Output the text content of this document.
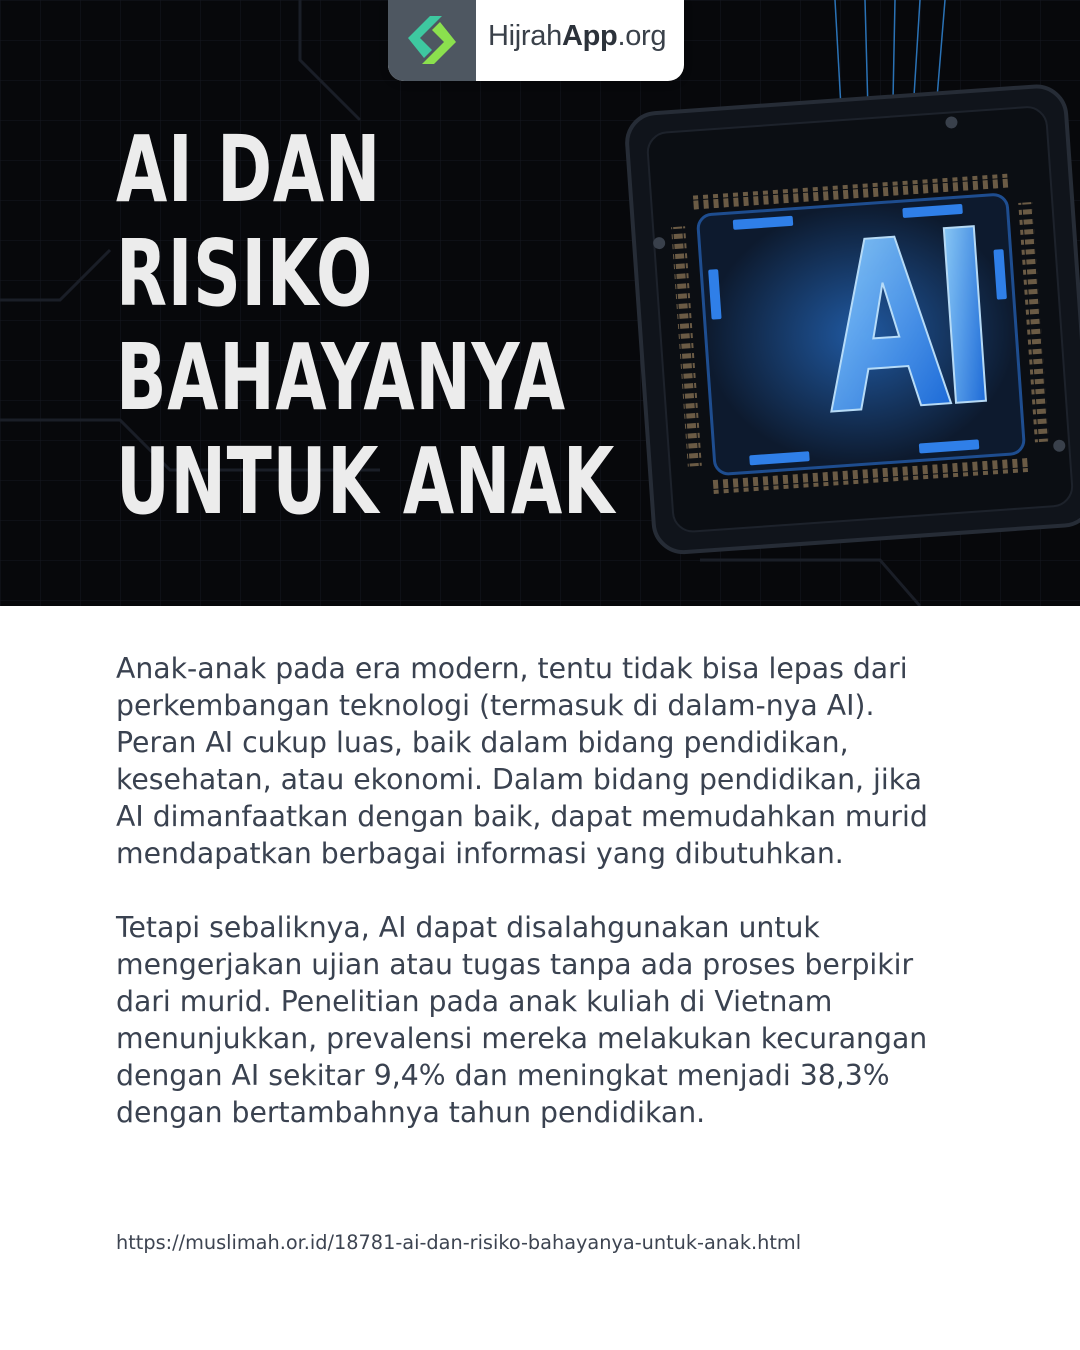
HijrahApp.org
AI DAN
RISIKO
BAHAYANYA
UNTUK ANAK

Anak-anak pada era modern, tentu tidak bisa lepas dari perkembangan teknologi (termasuk di dalam-nya AI). Peran AI cukup luas, baik dalam bidang pendidikan, kesehatan, atau ekonomi. Dalam bidang pendidikan, jika AI dimanfaatkan dengan baik, dapat memudahkan murid mendapatkan berbagai informasi yang dibutuhkan.

Tetapi sebaliknya, AI dapat disalahgunakan untuk mengerjakan ujian atau tugas tanpa ada proses berpikir dari murid. Penelitian pada anak kuliah di Vietnam menunjukkan, prevalensi mereka melakukan kecurangan dengan AI sekitar 9,4% dan meningkat menjadi 38,3% dengan bertambahnya tahun pendidikan.

https://muslimah.or.id/18781-ai-dan-risiko-bahayanya-untuk-anak.html
